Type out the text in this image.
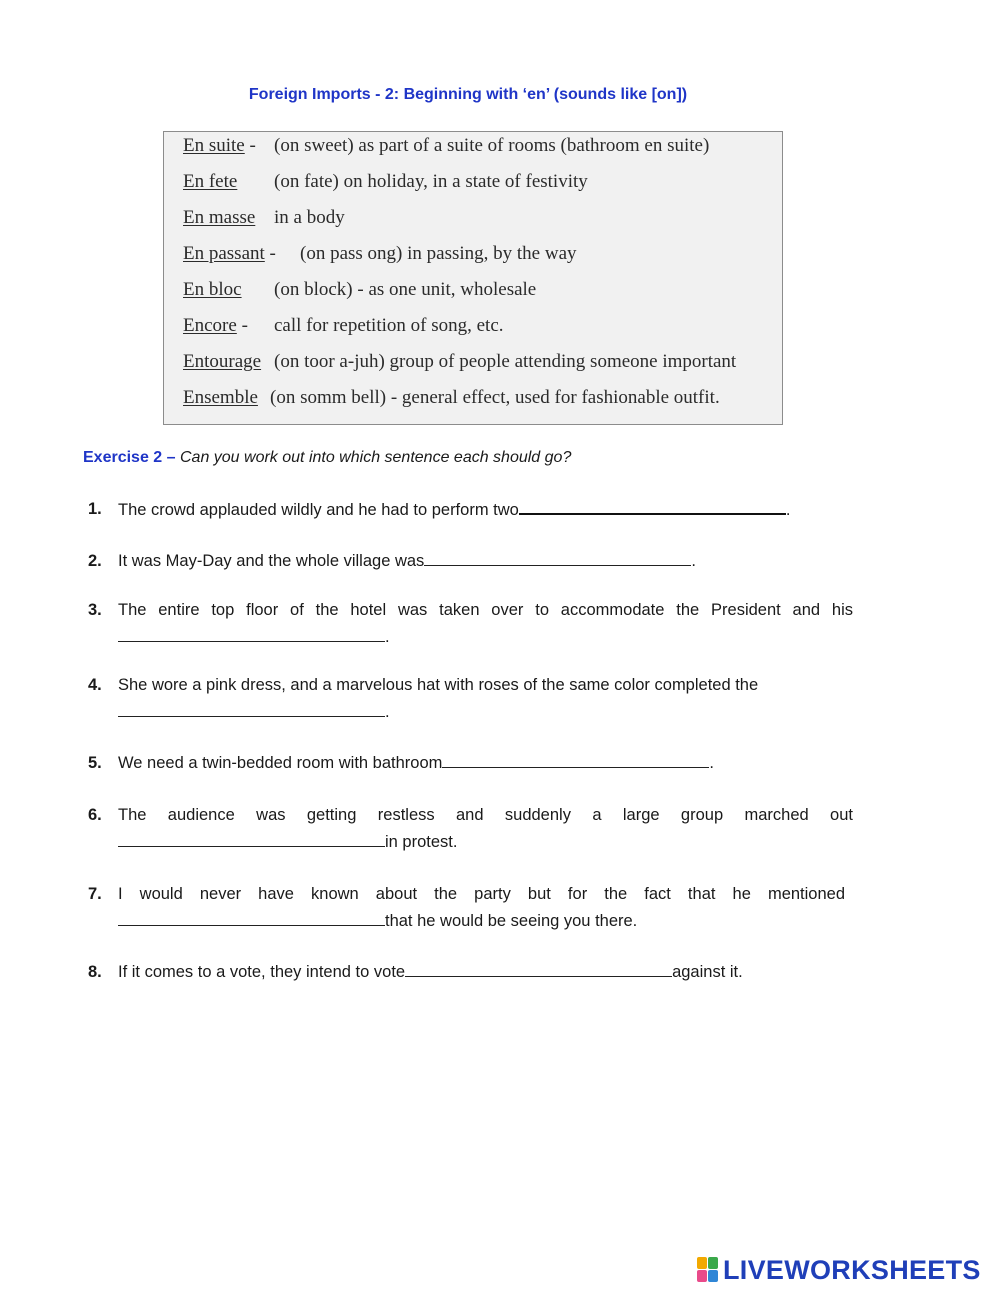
Foreign Imports - 2: Beginning with ‘en’ (sounds like [on])
En suite - (on sweet) as part of a suite of rooms (bathroom en suite)
En fete (on fate) on holiday, in a state of festivity
En masse in a body
En passant - (on pass ong) in passing, by the way
En bloc (on block) - as one unit, wholesale
Encore - call for repetition of song, etc.
Entourage (on toor a-juh) group of people attending someone important
Ensemble (on somm bell) - general effect, used for fashionable outfit.
Exercise 2 – Can you work out into which sentence each should go?
1. The crowd applauded wildly and he had to perform two	.
2. It was May-Day and the whole village was	.
3. The entire top floor of the hotel was taken over to accommodate the President and his
.
4. She wore a pink dress, and a marvelous hat with roses of the same color completed the
.
5. We need a twin-bedded room with bathroom	.
6. The audience was getting restless and suddenly a large group marched out
in protest.
7. I would never have known about the party but for the fact that he mentioned
that he would be seeing you there.
8. If it comes to a vote, they intend to vote	against it.
LIVEWORKSHEETS
